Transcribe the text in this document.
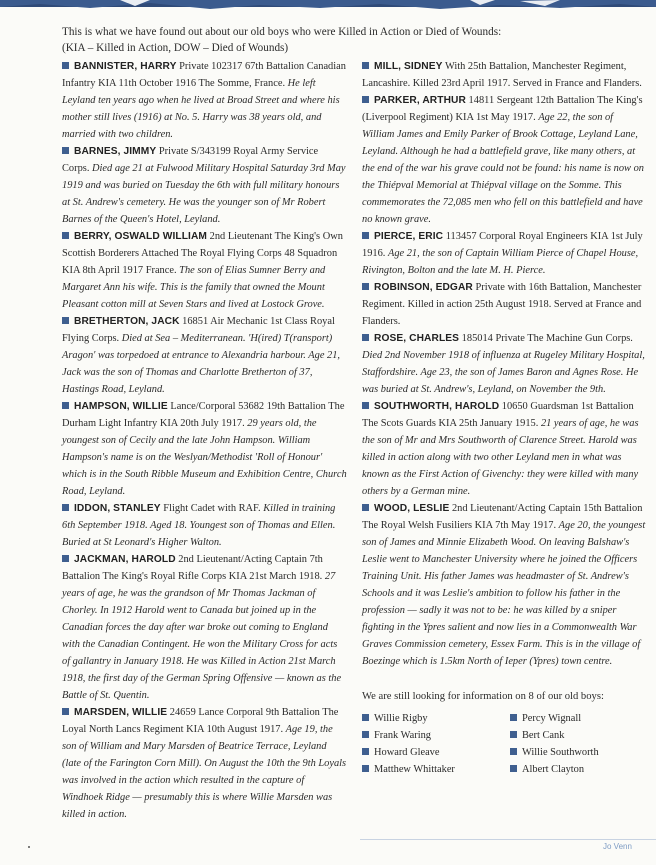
This is what we have found out about our old boys who were Killed in Action or Died of Wounds:
(KIA – Killed in Action, DOW – Died of Wounds)
BANNISTER, HARRY Private 102317 67th Battalion Canadian Infantry KIA 11th October 1916 The Somme, France. He left Leyland ten years ago when he lived at Broad Street and where his mother still lives (1916) at No. 5. Harry was 38 years old, and married with two children.
BARNES, JIMMY Private S/343199 Royal Army Service Corps. Died age 21 at Fulwood Military Hospital Saturday 3rd May 1919 and was buried on Tuesday the 6th with full military honours at St. Andrew's cemetery. He was the younger son of Mr Robert Barnes of the Queen's Hotel, Leyland.
BERRY, OSWALD WILLIAM 2nd Lieutenant The King's Own Scottish Borderers Attached The Royal Flying Corps 48 Squadron KIA 8th April 1917 France. The son of Elias Sumner Berry and Margaret Ann his wife. This is the family that owned the Mount Pleasant cotton mill at Seven Stars and lived at Lostock Grove.
BRETHERTON, JACK 16851 Air Mechanic 1st Class Royal Flying Corps. Died at Sea – Mediterranean. 'H(ired) T(ransport) Aragon' was torpedoed at entrance to Alexandria harbour. Age 21, Jack was the son of Thomas and Charlotte Bretherton of 37, Hastings Road, Leyland.
HAMPSON, WILLIE Lance/Corporal 53682 19th Battalion The Durham Light Infantry KIA 20th July 1917. 29 years old, the youngest son of Cecily and the late John Hampson. William Hampson's name is on the Weslyan/Methodist 'Roll of Honour' which is in the South Ribble Museum and Exhibition Centre, Church Road, Leyland.
IDDON, STANLEY Flight Cadet with RAF. Killed in training 6th September 1918. Aged 18. Youngest son of Thomas and Ellen. Buried at St Leonard's Higher Walton.
JACKMAN, HAROLD 2nd Lieutenant/Acting Captain 7th Battalion The King's Royal Rifle Corps KIA 21st March 1918. 27 years of age, he was the grandson of Mr Thomas Jackman of Chorley. In 1912 Harold went to Canada but joined up in the Canadian forces the day after war broke out coming to England with the Canadian Contingent. He won the Military Cross for acts of gallantry in January 1918. He was Killed in Action 21st March 1918, the first day of the German Spring Offensive — known as the Battle of St. Quentin.
MARSDEN, WILLIE 24659 Lance Corporal 9th Battalion The Loyal North Lancs Regiment KIA 10th August 1917. Age 19, the son of William and Mary Marsden of Beatrice Terrace, Leyland (late of the Farington Corn Mill). On August the 10th the 9th Loyals was involved in the action which resulted in the capture of Windhoek Ridge — presumably this is where Willie Marsden was killed in action.
MILL, SIDNEY With 25th Battalion, Manchester Regiment, Lancashire. Killed 23rd April 1917. Served in France and Flanders.
PARKER, ARTHUR 14811 Sergeant 12th Battalion The King's (Liverpool Regiment) KIA 1st May 1917. Age 22, the son of William James and Emily Parker of Brook Cottage, Leyland Lane, Leyland. Although he had a battlefield grave, like many others, at the end of the war his grave could not be found: his name is now on the Thiépval Memorial at Thiépval village on the Somme. This commemorates the 72,085 men who fell on this battlefield and have no known grave.
PIERCE, ERIC 113457 Corporal Royal Engineers KIA 1st July 1916. Age 21, the son of Captain William Pierce of Chapel House, Rivington, Bolton and the late M. H. Pierce.
ROBINSON, EDGAR Private with 16th Battalion, Manchester Regiment. Killed in action 25th August 1918. Served at France and Flanders.
ROSE, CHARLES 185014 Private The Machine Gun Corps. Died 2nd November 1918 of influenza at Rugeley Military Hospital, Staffordshire. Age 23, the son of James Baron and Agnes Rose. He was buried at St. Andrew's, Leyland, on November the 9th.
SOUTHWORTH, HAROLD 10650 Guardsman 1st Battalion The Scots Guards KIA 25th January 1915. 21 years of age, he was the son of Mr and Mrs Southworth of Clarence Street. Harold was killed in action along with two other Leyland men in what was known as the First Action of Givenchy: they were killed with many others by a German mine.
WOOD, LESLIE 2nd Lieutenant/Acting Captain 15th Battalion The Royal Welsh Fusiliers KIA 7th May 1917. Age 20, the youngest son of James and Minnie Elizabeth Wood. On leaving Balshaw's Leslie went to Manchester University where he joined the Officers Training Unit. His father James was headmaster of St. Andrew's Schools and it was Leslie's ambition to follow his father in the profession — sadly it was not to be: he was killed by a sniper fighting in the Ypres salient and now lies in a Commonwealth War Graves Commission cemetery, Essex Farm. This is in the village of Boezinge which is 1.5km North of Ieper (Ypres) town centre.
We are still looking for information on 8 of our old boys:
Willie Rigby	Percy Wignall
Frank Waring	Bert Cank
Howard Gleave	Willie Southworth
Matthew Whittaker	Albert Clayton
Jo Venn
